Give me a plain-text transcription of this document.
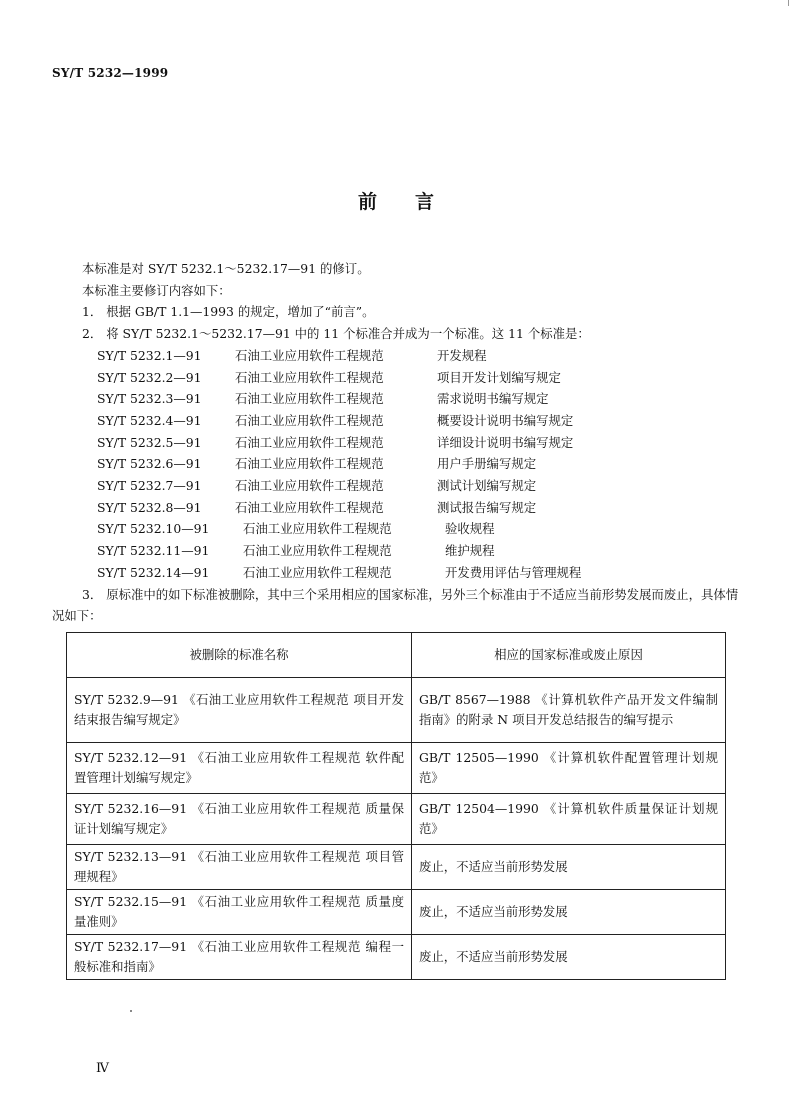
SY/T 5232—1999
前言

本标准是对 SY/T 5232.1～5232.17—91 的修订。

本标准主要修订内容如下：

1． 根据 GB/T 1.1—1993 的规定，增加了“前言”。

2． 将 SY/T 5232.1～5232.17—91 中的 11 个标准合并成为一个标准。这 11 个标准是：

SY/T 5232.1—91	石油工业应用软件工程规范	开发规程

SY/T 5232.2—91	石油工业应用软件工程规范	项目开发计划编写规定

SY/T 5232.3—91	石油工业应用软件工程规范	需求说明书编写规定

SY/T 5232.4—91	石油工业应用软件工程规范	概要设计说明书编写规定

SY/T 5232.5—91	石油工业应用软件工程规范	详细设计说明书编写规定

SY/T 5232.6—91	石油工业应用软件工程规范	用户手册编写规定

SY/T 5232.7—91	石油工业应用软件工程规范	测试计划编写规定

SY/T 5232.8—91	石油工业应用软件工程规范	测试报告编写规定

SY/T 5232.10—91	石油工业应用软件工程规范	验收规程

SY/T 5232.11—91	石油工业应用软件工程规范	维护规程

SY/T 5232.14—91	石油工业应用软件工程规范	开发费用评估与管理规程

3． 原标准中的如下标准被删除，其中三个采用相应的国家标准，另外三个标准由于不适应当前形势发展而废止，具体情况如下：

被删除的标准名称	相应的国家标准或废止原因
SY/T 5232.9—91 《石油工业应用软件工程规范 项目开发结束报告编写规定》	GB/T 8567—1988 《计算机软件产品开发文件编制指南》的附录 N 项目开发总结报告的编写提示
SY/T 5232.12—91 《石油工业应用软件工程规范 软件配置管理计划编写规定》	GB/T 12505—1990 《计算机软件配置管理计划规范》
SY/T 5232.16—91 《石油工业应用软件工程规范 质量保证计划编写规定》	GB/T 12504—1990 《计算机软件质量保证计划规范》
SY/T 5232.13—91 《石油工业应用软件工程规范 项目管理规程》	废止，不适应当前形势发展
SY/T 5232.15—91 《石油工业应用软件工程规范 质量度量准则》	废止，不适应当前形势发展
SY/T 5232.17—91 《石油工业应用软件工程规范 编程一般标准和指南》	废止，不适应当前形势发展
Ⅳ
